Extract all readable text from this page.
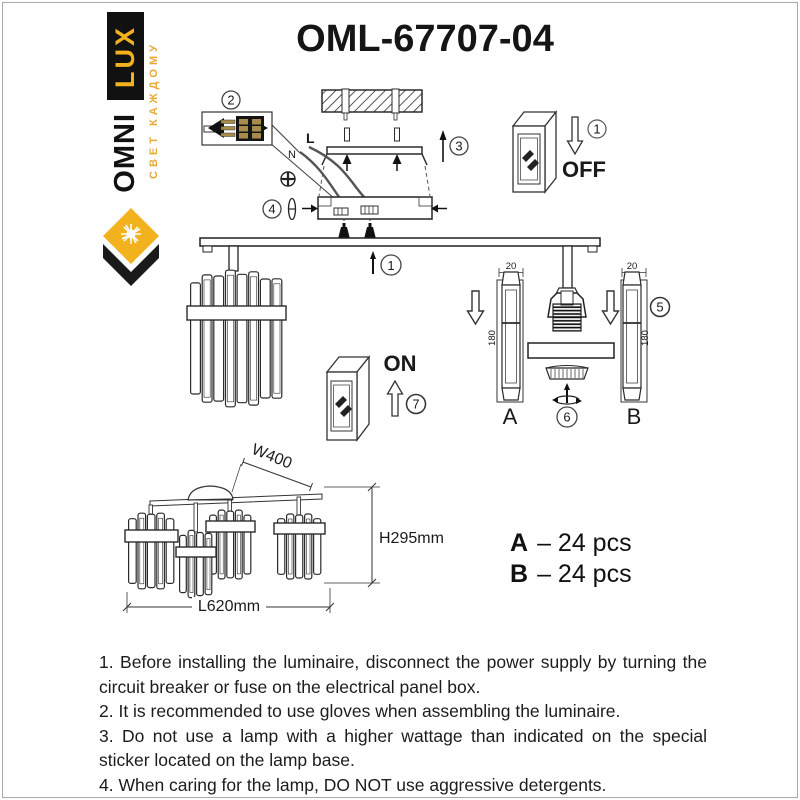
LUX
OMNI СВЕТ КАЖДОМУ
OML-67707-04
3
2
N
L
4
1
OFF
1
ON
7
20
180
A	6
20
180
5
B
W400
H295mm
L620mm
A – 24 pcs
B – 24 pcs
1. Before installing the luminaire, disconnect the power supply by turning the circuit breaker or fuse on the electrical panel box.
2. It is recommended to use gloves when assembling the luminaire.
3. Do not use a lamp with a higher wattage than indicated on the special sticker located on the lamp base.
4. When caring for the lamp, DO NOT use aggressive detergents.
